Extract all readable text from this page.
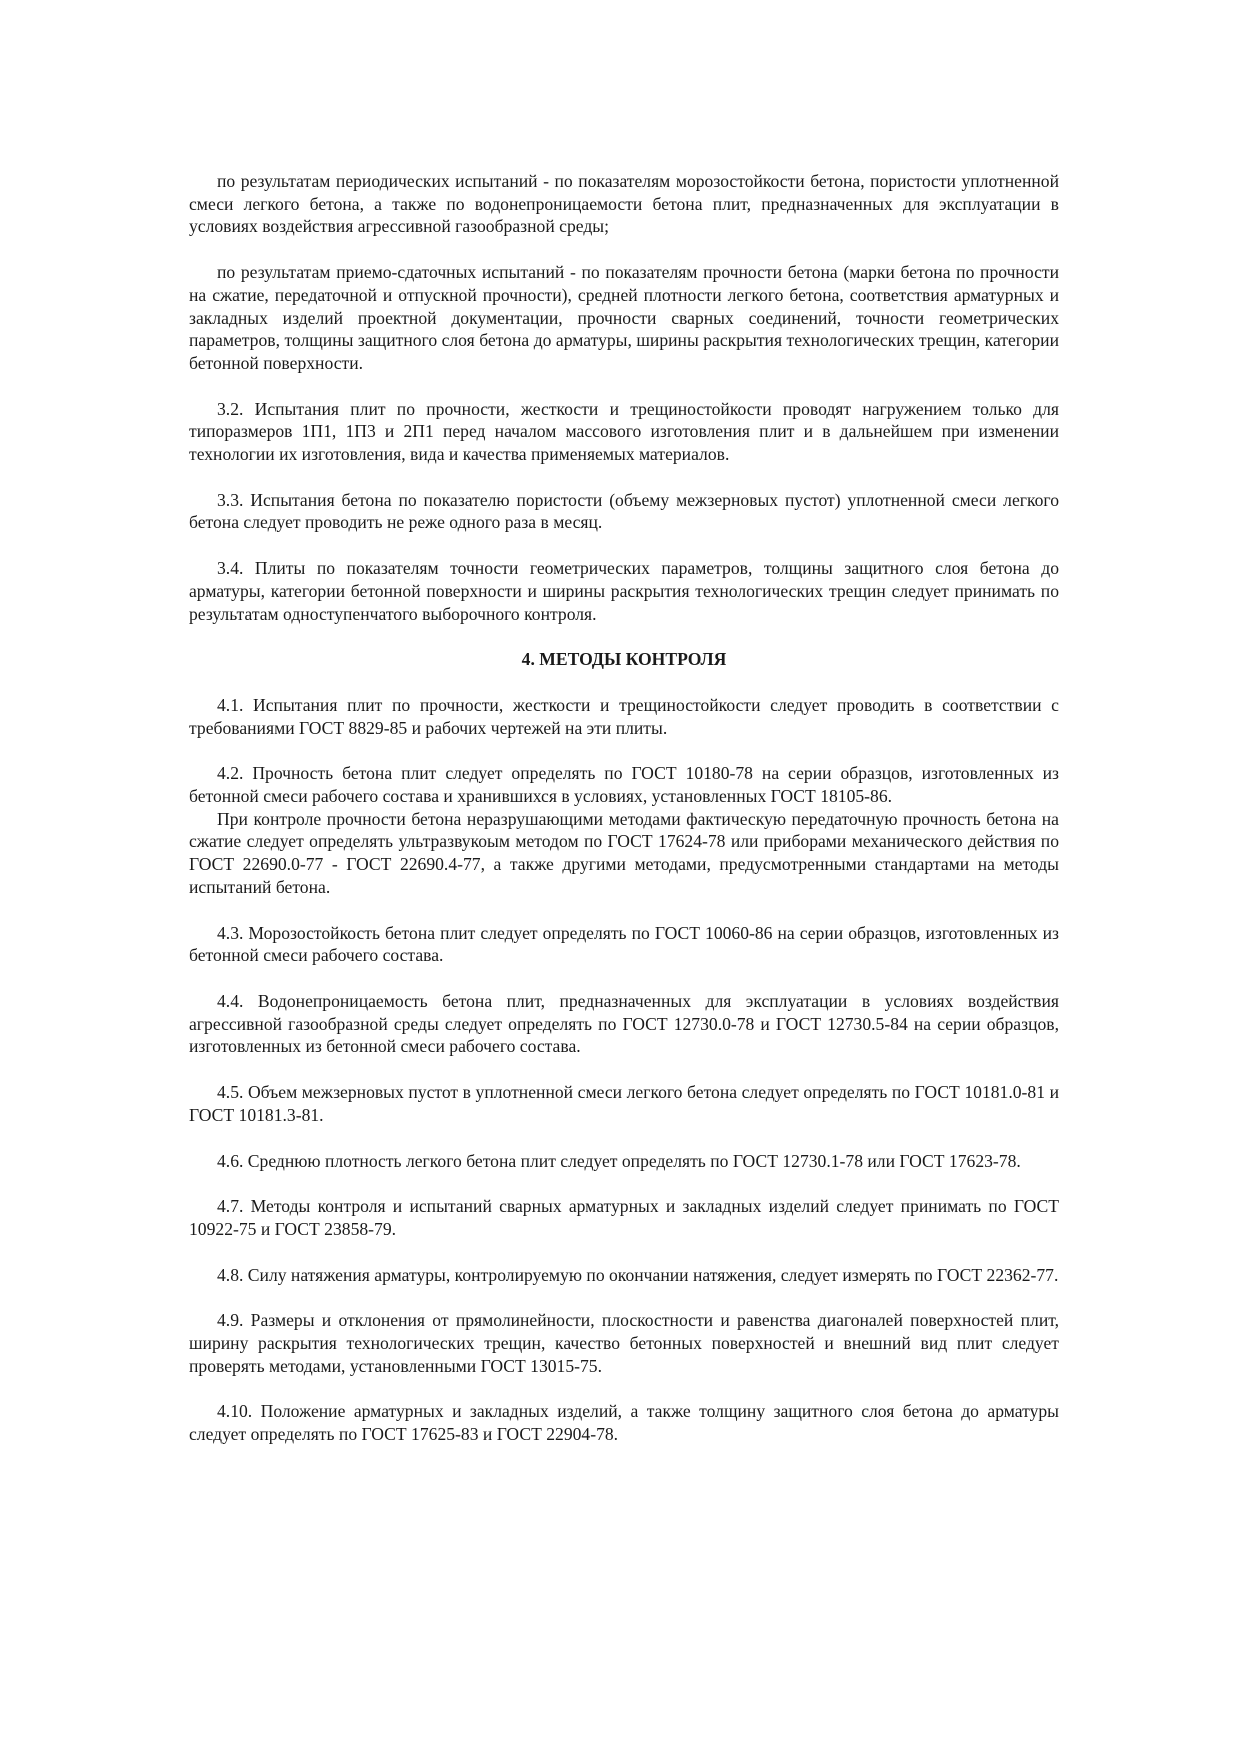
по результатам периодических испытаний - по показателям морозостойкости бетона, пористости уплотненной смеси легкого бетона, а также по водонепроницаемости бетона плит, предназначенных для эксплуатации в условиях воздействия агрессивной газообразной среды;

по результатам приемо-сдаточных испытаний - по показателям прочности бетона (марки бетона по прочности на сжатие, передаточной и отпускной прочности), средней плотности легкого бетона, соответствия арматурных и закладных изделий проектной документации, прочности сварных соединений, точности геометрических параметров, толщины защитного слоя бетона до арматуры, ширины раскрытия технологических трещин, категории бетонной поверхности.

3.2. Испытания плит по прочности, жесткости и трещиностойкости проводят нагружением только для типоразмеров 1П1, 1П3 и 2П1 перед началом массового изготовления плит и в дальнейшем при изменении технологии их изготовления, вида и качества применяемых материалов.

3.3. Испытания бетона по показателю пористости (объему межзерновых пустот) уплотненной смеси легкого бетона следует проводить не реже одного раза в месяц.

3.4. Плиты по показателям точности геометрических параметров, толщины защитного слоя бетона до арматуры, категории бетонной поверхности и ширины раскрытия технологических трещин следует принимать по результатам одноступенчатого выборочного контроля.

4. МЕТОДЫ КОНТРОЛЯ

4.1. Испытания плит по прочности, жесткости и трещиностойкости следует проводить в соответствии с требованиями ГОСТ 8829-85 и рабочих чертежей на эти плиты.

4.2. Прочность бетона плит следует определять по ГОСТ 10180-78 на серии образцов, изготовленных из бетонной смеси рабочего состава и хранившихся в условиях, установленных ГОСТ 18105-86.

При контроле прочности бетона неразрушающими методами фактическую передаточную прочность бетона на сжатие следует определять ультразвукоым методом по ГОСТ 17624-78 или приборами механического действия по ГОСТ 22690.0-77 - ГОСТ 22690.4-77, а также другими методами, предусмотренными стандартами на методы испытаний бетона.

4.3. Морозостойкость бетона плит следует определять по ГОСТ 10060-86 на серии образцов, изготовленных из бетонной смеси рабочего состава.

4.4. Водонепроницаемость бетона плит, предназначенных для эксплуатации в условиях воздействия агрессивной газообразной среды следует определять по ГОСТ 12730.0-78 и ГОСТ 12730.5-84 на серии образцов, изготовленных из бетонной смеси рабочего состава.

4.5. Объем межзерновых пустот в уплотненной смеси легкого бетона следует определять по ГОСТ 10181.0-81 и ГОСТ 10181.3-81.

4.6. Среднюю плотность легкого бетона плит следует определять по ГОСТ 12730.1-78 или ГОСТ 17623-78.

4.7. Методы контроля и испытаний сварных арматурных и закладных изделий следует принимать по ГОСТ 10922-75 и ГОСТ 23858-79.

4.8. Силу натяжения арматуры, контролируемую по окончании натяжения, следует измерять по ГОСТ 22362-77.

4.9. Размеры и отклонения от прямолинейности, плоскостности и равенства диагоналей поверхностей плит, ширину раскрытия технологических трещин, качество бетонных поверхностей и внешний вид плит следует проверять методами, установленными ГОСТ 13015-75.

4.10. Положение арматурных и закладных изделий, а также толщину защитного слоя бетона до арматуры следует определять по ГОСТ 17625-83 и ГОСТ 22904-78.
